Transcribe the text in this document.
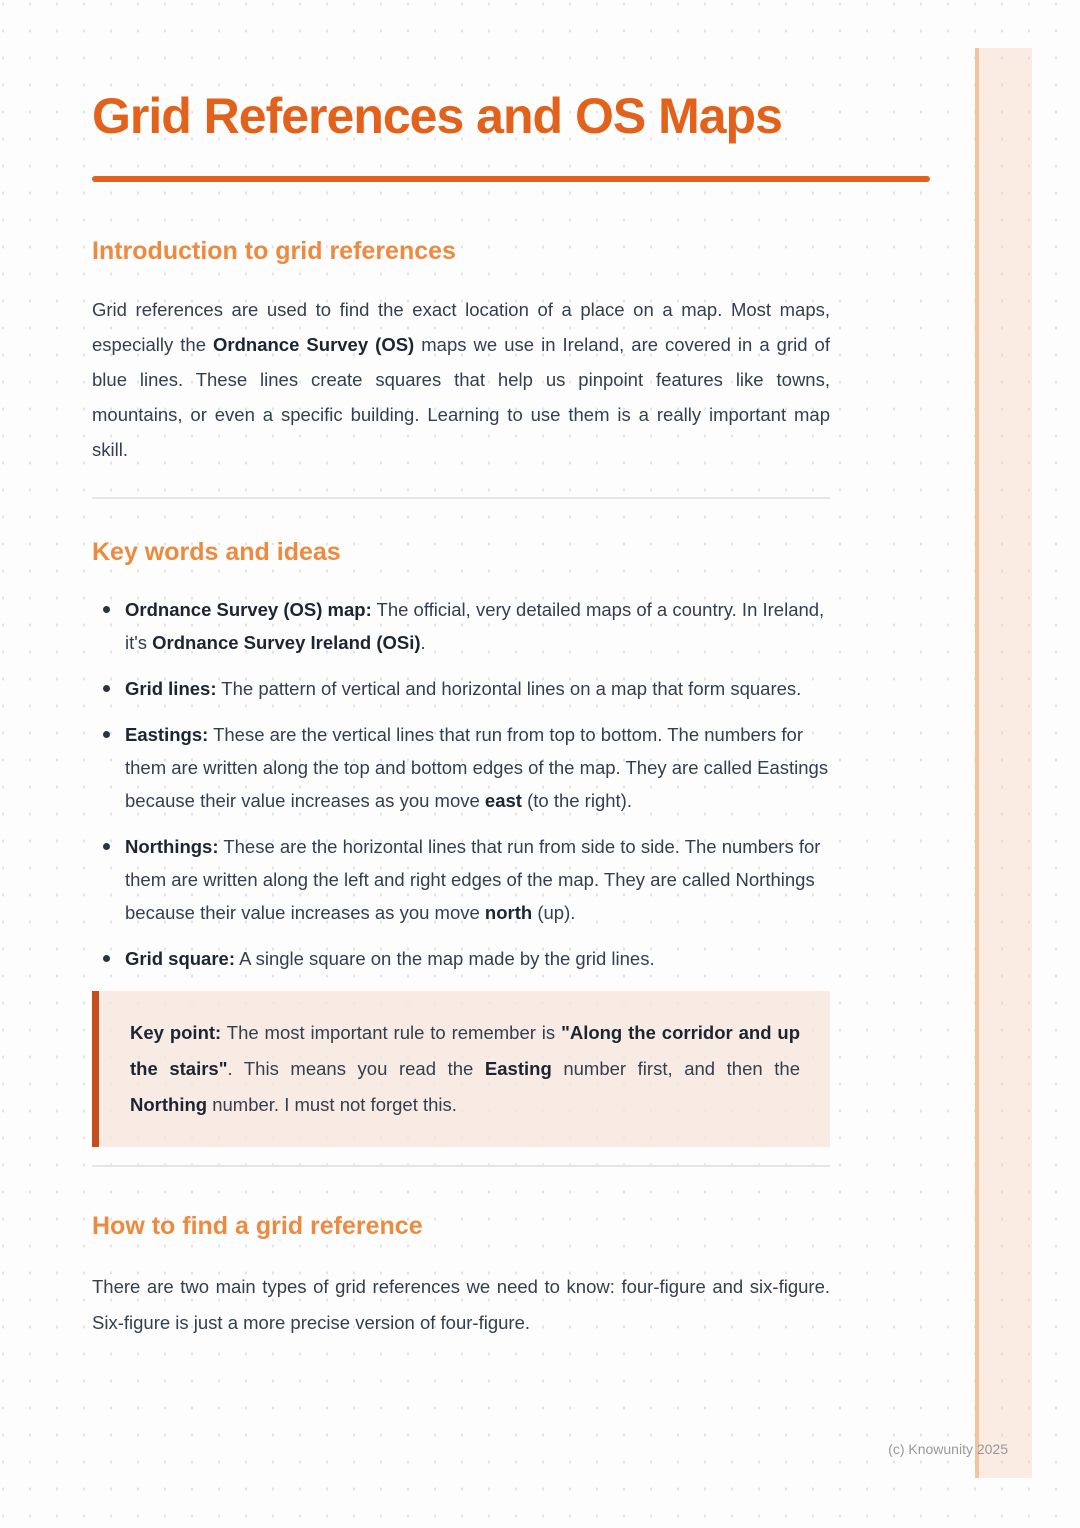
Grid References and OS Maps
Introduction to grid references

Grid references are used to find the exact location of a place on a map. Most maps, especially the Ordnance Survey (OS) maps we use in Ireland, are covered in a grid of blue lines. These lines create squares that help us pinpoint features like towns, mountains, or even a specific building. Learning to use them is a really important map skill.

Key words and ideas
Ordnance Survey (OS) map: The official, very detailed maps of a country. In Ireland, it's Ordnance Survey Ireland (OSi).
Grid lines: The pattern of vertical and horizontal lines on a map that form squares.
Eastings: These are the vertical lines that run from top to bottom. The numbers for them are written along the top and bottom edges of the map. They are called Eastings because their value increases as you move east (to the right).
Northings: These are the horizontal lines that run from side to side. The numbers for them are written along the left and right edges of the map. They are called Northings because their value increases as you move north (up).
Grid square: A single square on the map made by the grid lines.

Key point: The most important rule to remember is "Along the corridor and up the stairs". This means you read the Easting number first, and then the Northing number. I must not forget this.

How to find a grid reference

There are two main types of grid references we need to know: four-figure and six-figure. Six-figure is just a more precise version of four-figure.

(c) Knowunity 2025
